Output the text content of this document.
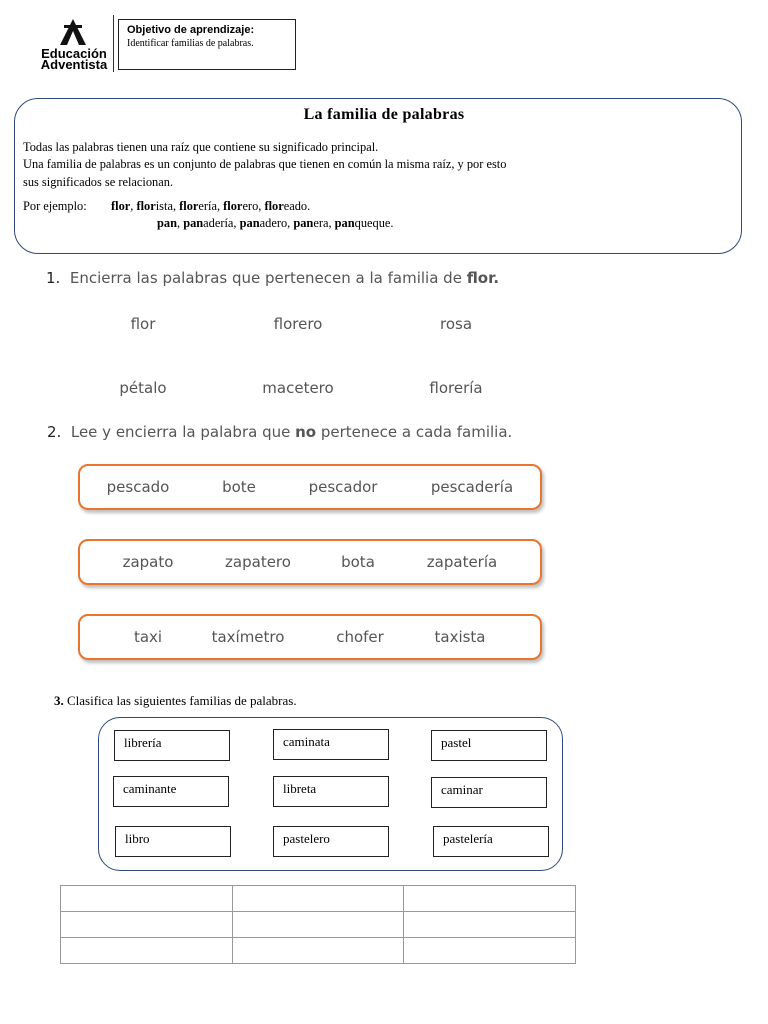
Educación
Adventista
Objetivo de aprendizaje:
Identificar familias de palabras.
La familia de palabras
Todas las palabras tienen una raíz que contiene su significado principal.
Una familia de palabras es un conjunto de palabras que tienen en común la misma raíz, y por esto
sus significados se relacionan.
Por ejemplo: flor, florista, florería, florero, floreado.
pan, panadería, panadero, panera, panqueque.
1. Encierra las palabras que pertenecen a la familia de flor.
flor	florero	rosa
pétalo	macetero	florería
2. Lee y encierra la palabra que no pertenece a cada familia.
pescado	bote	pescador	pescadería
zapato	zapatero	bota	zapatería
taxi	taxímetro	chofer	taxista
3. Clasifica las siguientes familias de palabras.
librería	caminata	pastel
caminante	libreta	caminar
libro	pastelero	pastelería
